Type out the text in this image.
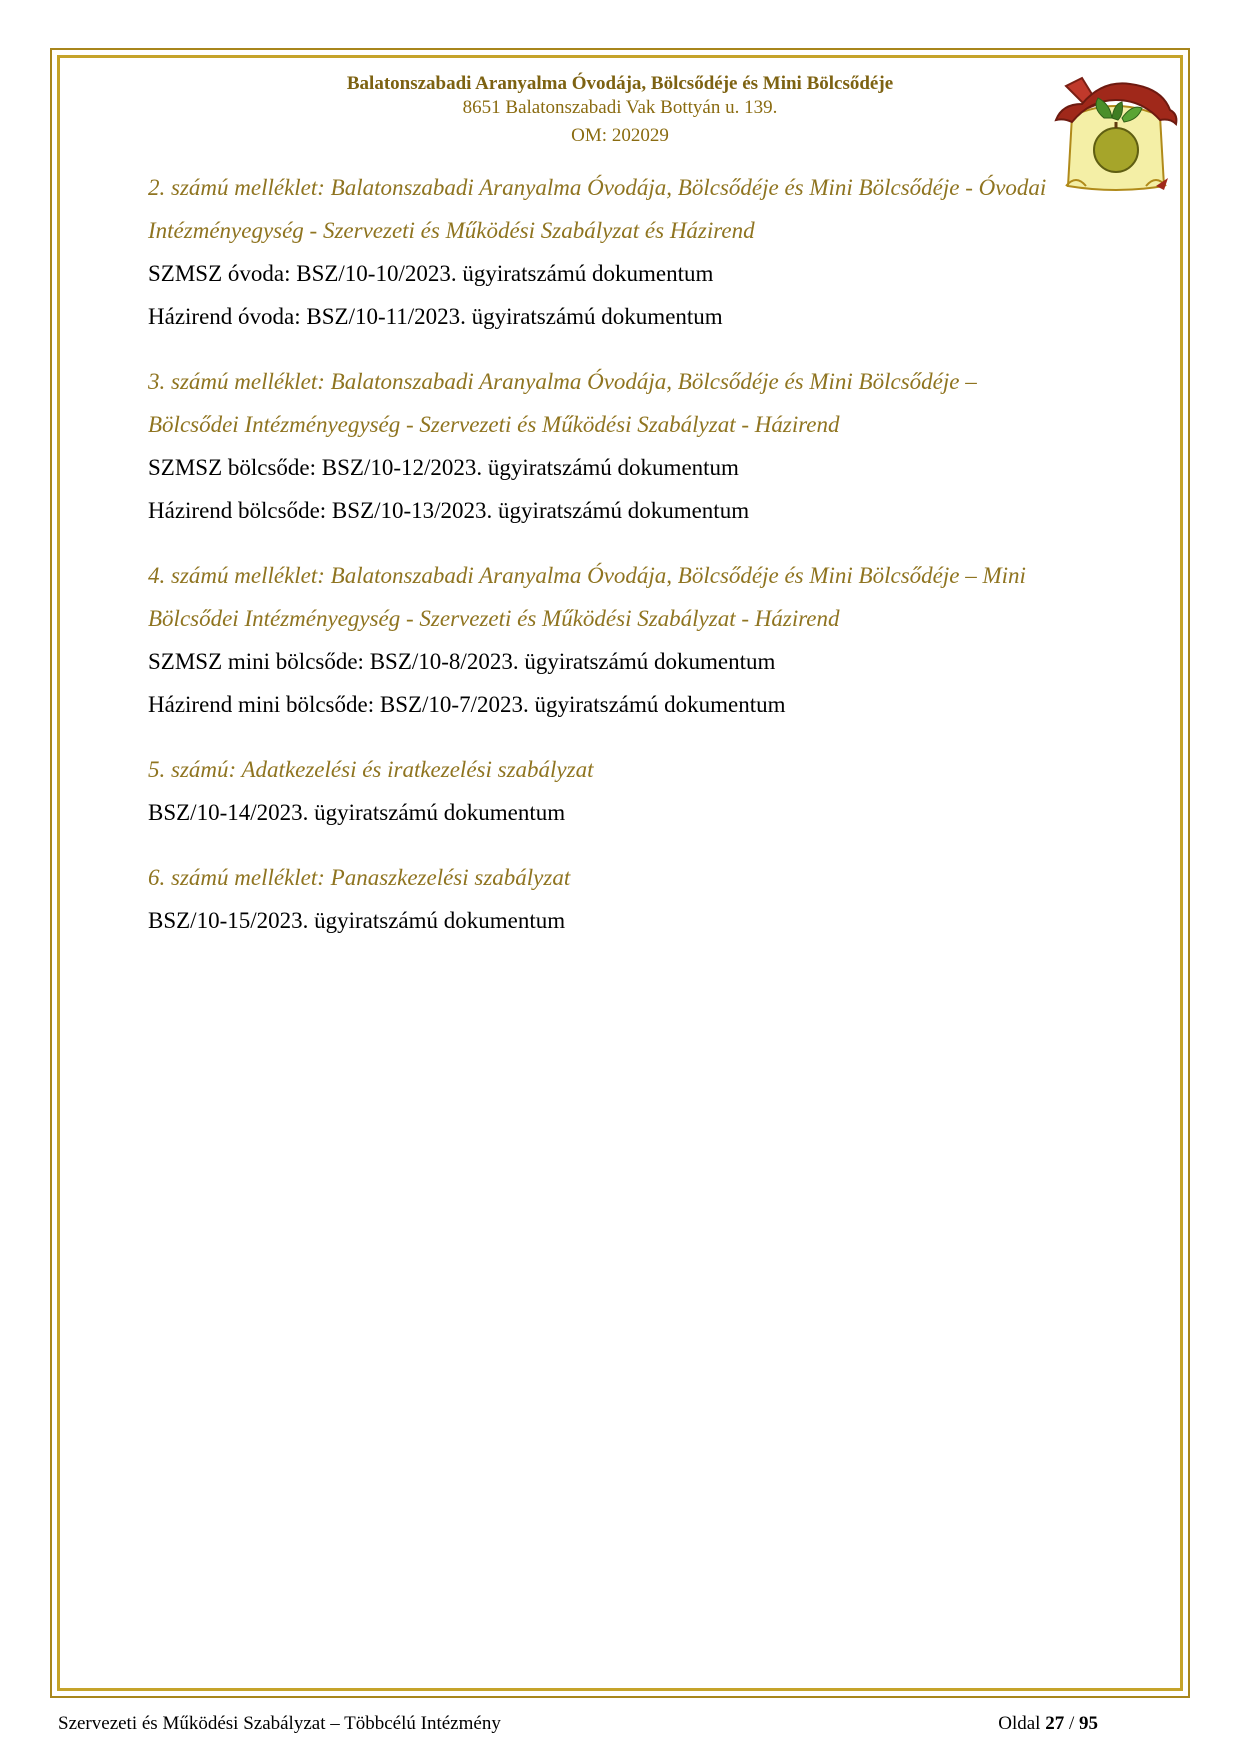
Balatonszabadi Aranyalma Óvodája, Bölcsődéje és Mini Bölcsődéje
8651 Balatonszabadi Vak Bottyán u. 139.
OM: 202029
2. számú melléklet: Balatonszabadi Aranyalma Óvodája, Bölcsődéje és Mini Bölcsődéje - Óvodai Intézményegység - Szervezeti és Működési Szabályzat és Házirend
SZMSZ óvoda: BSZ/10-10/2023. ügyiratszámú dokumentum
Házirend óvoda: BSZ/10-11/2023. ügyiratszámú dokumentum
3. számú melléklet: Balatonszabadi Aranyalma Óvodája, Bölcsődéje és Mini Bölcsődéje – Bölcsődei Intézményegység - Szervezeti és Működési Szabályzat - Házirend
SZMSZ bölcsőde: BSZ/10-12/2023. ügyiratszámú dokumentum
Házirend bölcsőde: BSZ/10-13/2023. ügyiratszámú dokumentum
4. számú melléklet: Balatonszabadi Aranyalma Óvodája, Bölcsődéje és Mini Bölcsődéje – Mini Bölcsődei Intézményegység - Szervezeti és Működési Szabályzat - Házirend
SZMSZ mini bölcsőde: BSZ/10-8/2023. ügyiratszámú dokumentum
Házirend mini bölcsőde: BSZ/10-7/2023. ügyiratszámú dokumentum
5. számú: Adatkezelési és iratkezelési szabályzat
BSZ/10-14/2023. ügyiratszámú dokumentum
6. számú melléklet: Panaszkezelési szabályzat
BSZ/10-15/2023. ügyiratszámú dokumentum
Szervezeti és Működési Szabályzat – Többcélú Intézmény	Oldal 27 / 95
